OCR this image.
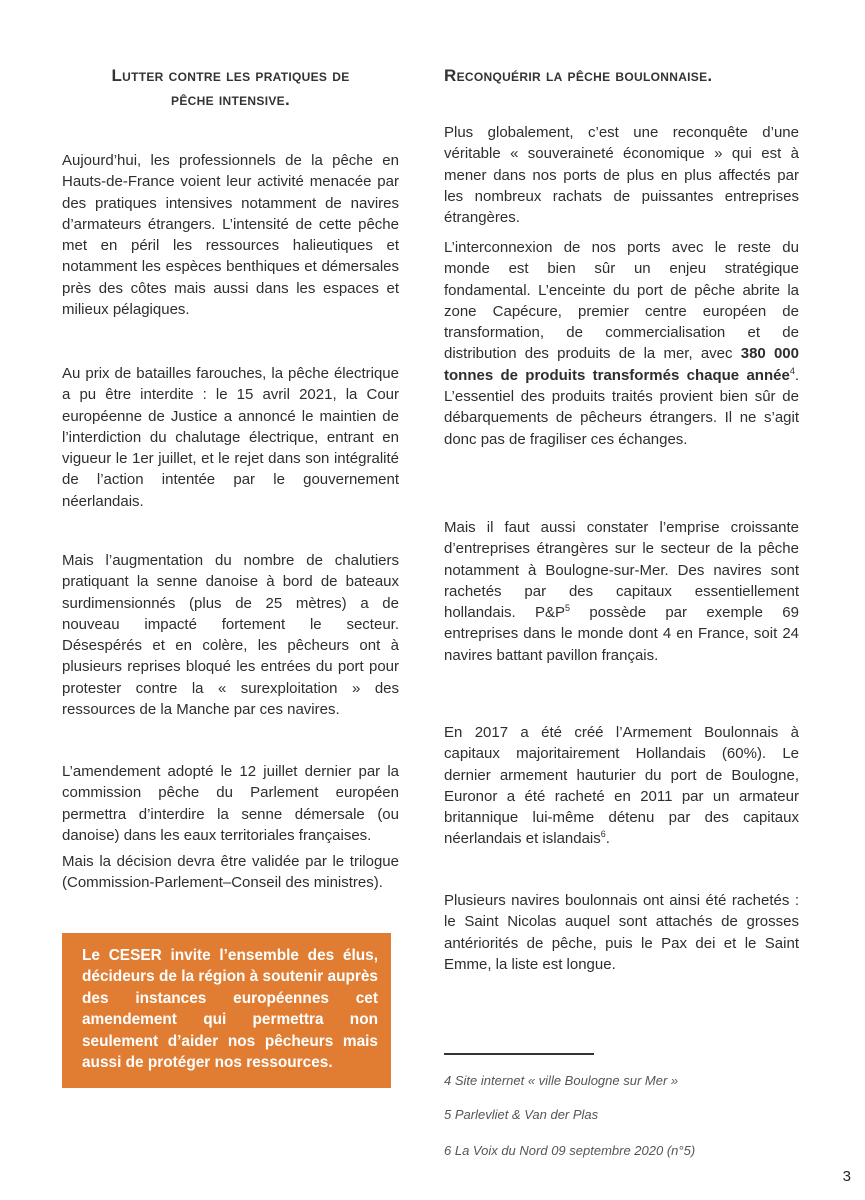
Lutter contre les pratiques de
pêche intensive.

Aujourd’hui, les professionnels de la pêche en Hauts-de-France voient leur activité menacée par des pratiques intensives notamment de navires d’armateurs étrangers. L’intensité de cette pêche met en péril les ressources halieutiques et notamment les espèces benthiques et démersales près des côtes mais aussi dans les espaces et milieux pélagiques.

Au prix de batailles farouches, la pêche électrique a pu être interdite : le 15 avril 2021, la Cour européenne de Justice a annoncé le maintien de l’interdiction du chalutage électrique, entrant en vigueur le 1er juillet, et le rejet dans son intégralité de l’action intentée par le gouvernement néerlandais.

Mais l’augmentation du nombre de chalutiers pratiquant la senne danoise à bord de bateaux surdimensionnés (plus de 25 mètres) a de nouveau impacté fortement le secteur. Désespérés et en colère, les pêcheurs ont à plusieurs reprises bloqué les entrées du port pour protester contre la « surexploitation » des ressources de la Manche par ces navires.

L’amendement adopté le 12 juillet dernier par la commission pêche du Parlement européen permettra d’interdire la senne démersale (ou danoise) dans les eaux territoriales françaises.

Mais la décision devra être validée par le trilogue (Commission-Parlement–Conseil des ministres).

Le CESER invite l’ensemble des élus, décideurs de la région à soutenir auprès des instances européennes cet amendement qui permettra non seulement d’aider nos pêcheurs mais aussi de protéger nos ressources.

Reconquérir la pêche boulonnaise.

Plus globalement, c’est une reconquête d’une véritable « souveraineté économique » qui est à mener dans nos ports de plus en plus affectés par les nombreux rachats de puissantes entreprises étrangères.

L’interconnexion de nos ports avec le reste du monde est bien sûr un enjeu stratégique fondamental. L’enceinte du port de pêche abrite la zone Capécure, premier centre européen de transformation, de commercialisation et de distribution des produits de la mer, avec 380 000 tonnes de produits transformés chaque année$^4$. L’essentiel des produits traités provient bien sûr de débarquements de pêcheurs étrangers. Il ne s’agit donc pas de fragiliser ces échanges.

Mais il faut aussi constater l’emprise croissante d’entreprises étrangères sur le secteur de la pêche notamment à Boulogne-sur-Mer. Des navires sont rachetés par des capitaux essentiellement hollandais. $P\&P^5$ possède par exemple 69 entreprises dans le monde dont 4 en France, soit 24 navires battant pavillon français.

En 2017 a été créé l’Armement Boulonnais à capitaux majoritairement Hollandais (60%). Le dernier armement hauturier du port de Boulogne, Euronor a été racheté en 2011 par un armateur britannique lui-même détenu par des capitaux néerlandais et islandais$^6$.

Plusieurs navires boulonnais ont ainsi été rachetés : le Saint Nicolas auquel sont attachés de grosses antériorités de pêche, puis le Pax dei et le Saint Emme, la liste est longue.

4 Site internet « ville Boulogne sur Mer »
5 Parlevliet & Van der Plas
6 La Voix du Nord 09 septembre 2020 (n°5)
3
